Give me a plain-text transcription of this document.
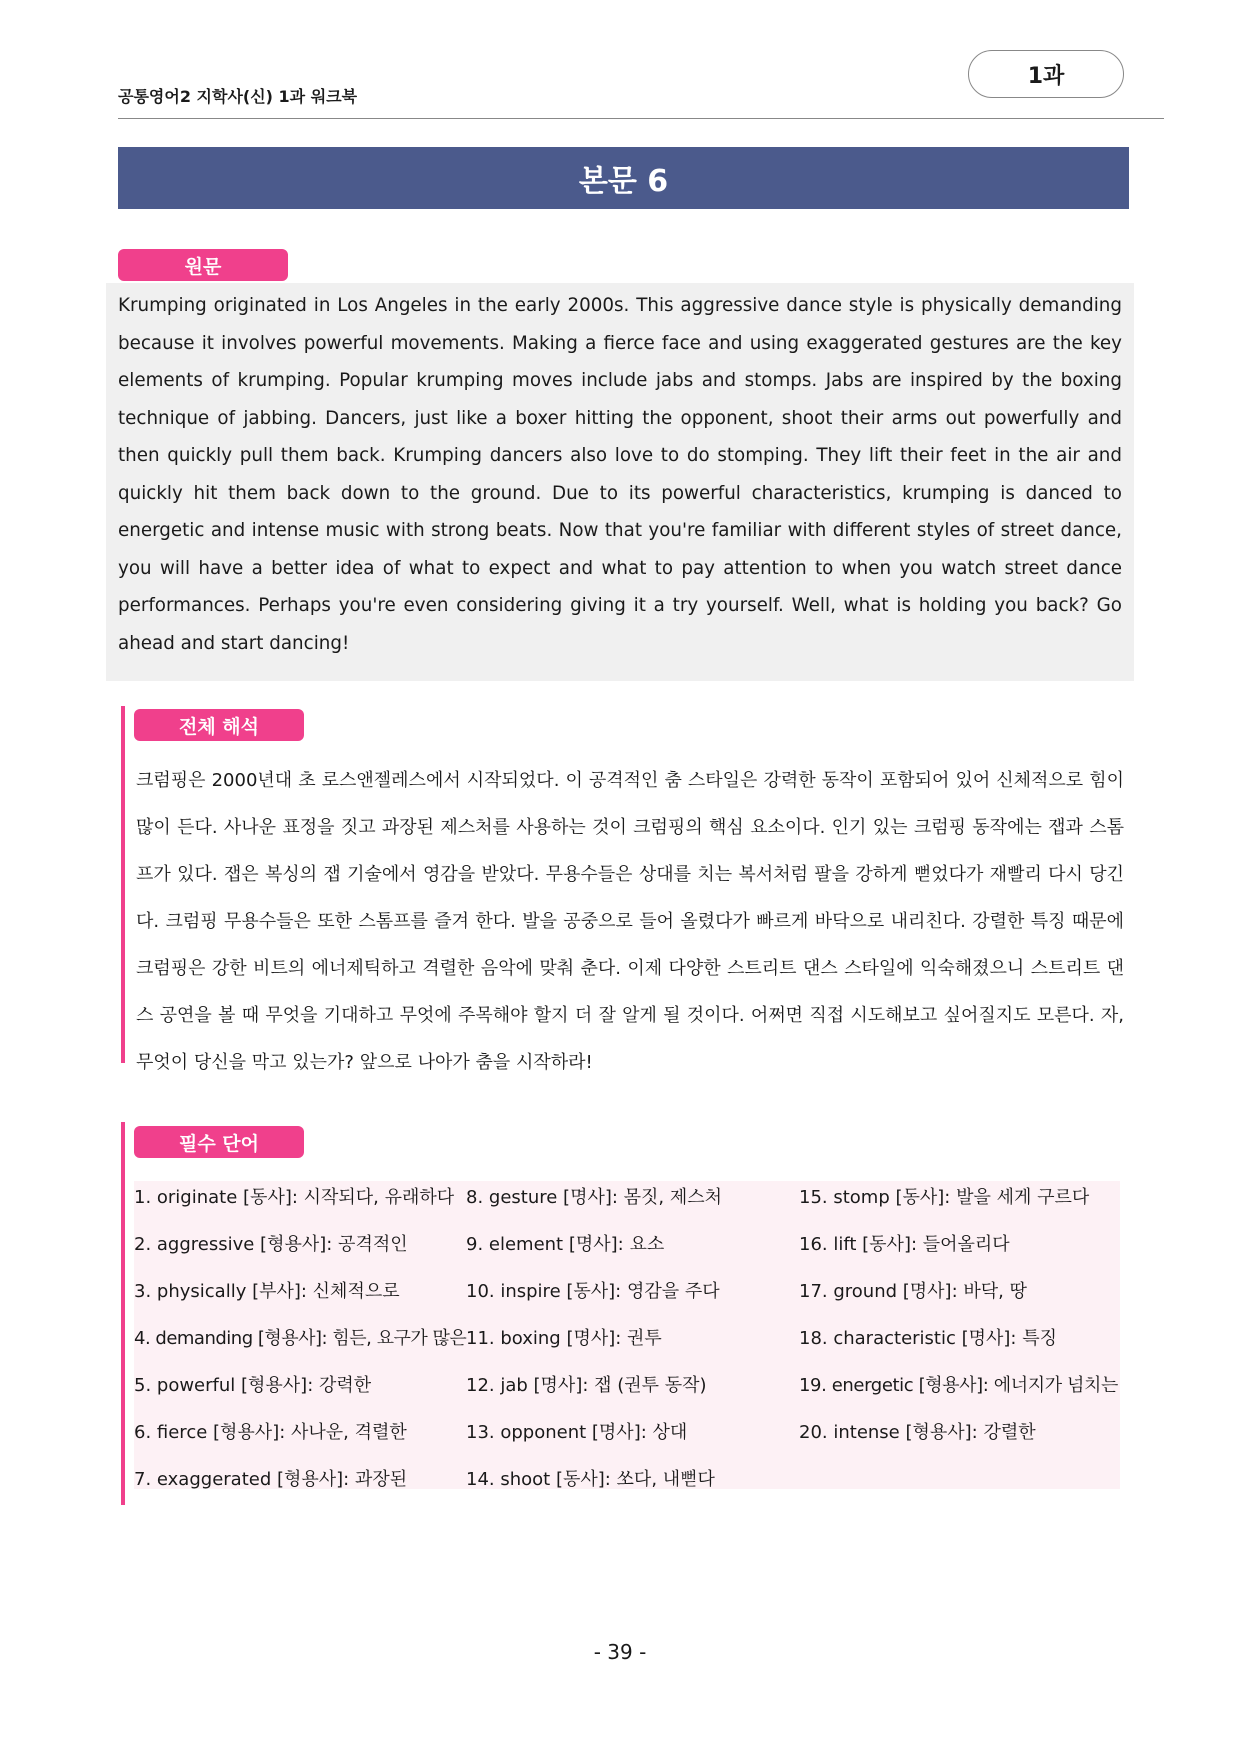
공통영어2 지학사(신) 1과 워크북
1과
본문 6
원문

Krumping originated in Los Angeles in the early 2000s. This aggressive dance style is physically demanding because it involves powerful movements. Making a fierce face and using exaggerated gestures are the key elements of krumping. Popular krumping moves include jabs and stomps. Jabs are inspired by the boxing technique of jabbing. Dancers, just like a boxer hitting the opponent, shoot their arms out powerfully and then quickly pull them back. Krumping dancers also love to do stomping. They lift their feet in the air and quickly hit them back down to the ground. Due to its powerful characteristics, krumping is danced to energetic and intense music with strong beats. Now that you're familiar with different styles of street dance, you will have a better idea of what to expect and what to pay attention to when you watch street dance performances. Perhaps you're even considering giving it a try yourself. Well, what is holding you back? Go ahead and start dancing!

전체 해석

크럼핑은 2000년대 초 로스앤젤레스에서 시작되었다. 이 공격적인 춤 스타일은 강력한 동작이 포함되어 있어 신체적으로 힘이 많이 든다. 사나운 표정을 짓고 과장된 제스처를 사용하는 것이 크럼핑의 핵심 요소이다. 인기 있는 크럼핑 동작에는 잽과 스톰프가 있다. 잽은 복싱의 잽 기술에서 영감을 받았다. 무용수들은 상대를 치는 복서처럼 팔을 강하게 뻗었다가 재빨리 다시 당긴다. 크럼핑 무용수들은 또한 스톰프를 즐겨 한다. 발을 공중으로 들어 올렸다가 빠르게 바닥으로 내리친다. 강렬한 특징 때문에 크럼핑은 강한 비트의 에너제틱하고 격렬한 음악에 맞춰 춘다. 이제 다양한 스트리트 댄스 스타일에 익숙해졌으니 스트리트 댄스 공연을 볼 때 무엇을 기대하고 무엇에 주목해야 할지 더 잘 알게 될 것이다. 어쩌면 직접 시도해보고 싶어질지도 모른다. 자, 무엇이 당신을 막고 있는가? 앞으로 나아가 춤을 시작하라!

필수 단어
1. originate [동사]: 시작되다, 유래하다
2. aggressive [형용사]: 공격적인
3. physically [부사]: 신체적으로
4. demanding [형용사]: 힘든, 요구가 많은
5. powerful [형용사]: 강력한
6. fierce [형용사]: 사나운, 격렬한
7. exaggerated [형용사]: 과장된
8. gesture [명사]: 몸짓, 제스처
9. element [명사]: 요소
10. inspire [동사]: 영감을 주다
11. boxing [명사]: 권투
12. jab [명사]: 잽 (권투 동작)
13. opponent [명사]: 상대
14. shoot [동사]: 쏘다, 내뻗다
15. stomp [동사]: 발을 세게 구르다
16. lift [동사]: 들어올리다
17. ground [명사]: 바닥, 땅
18. characteristic [명사]: 특징
19. energetic [형용사]: 에너지가 넘치는
20. intense [형용사]: 강렬한
- 39 -
